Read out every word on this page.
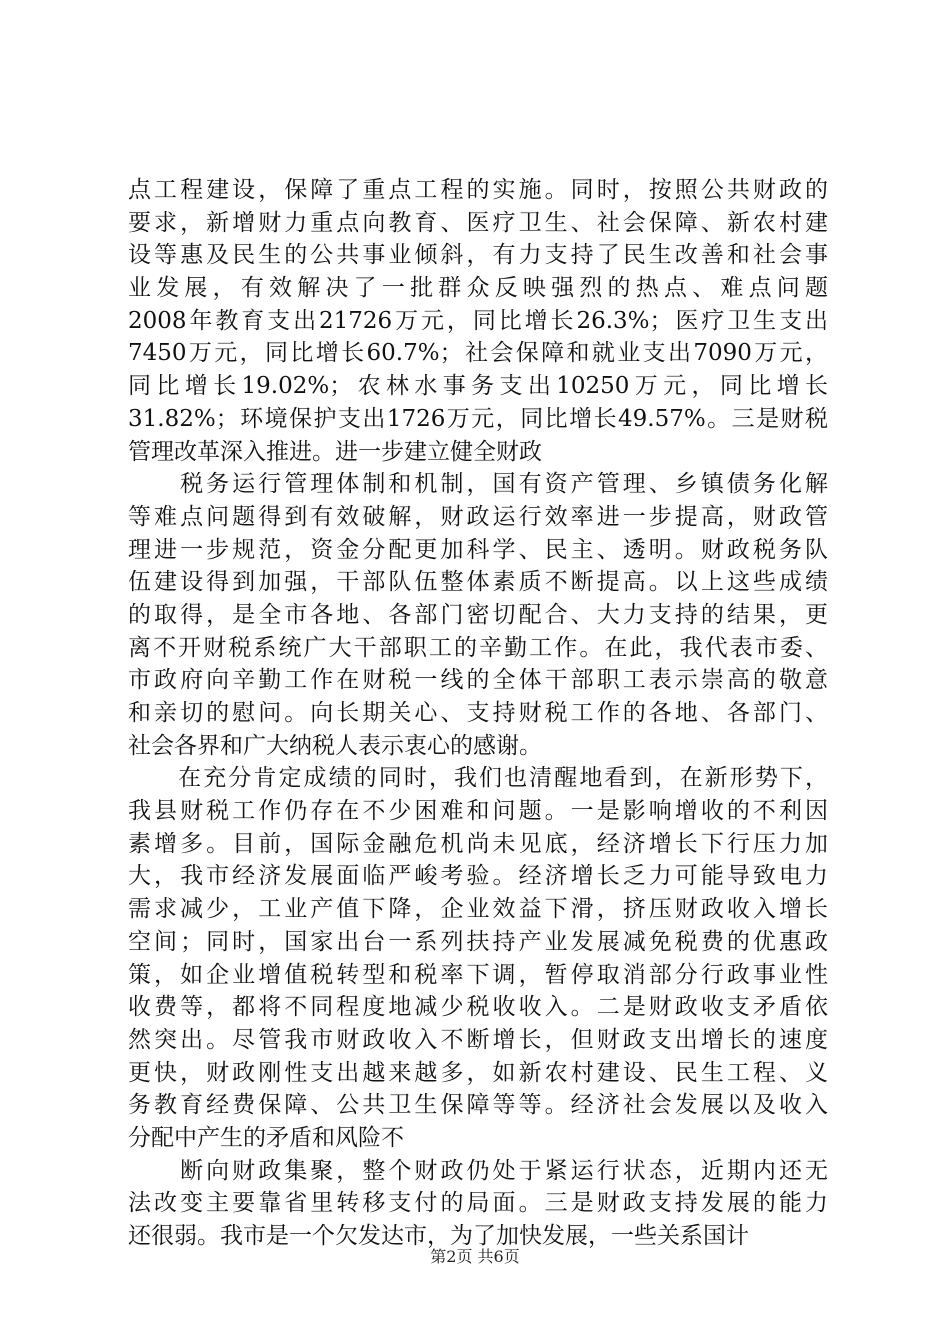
点工程建设，保障了重点工程的实施。同时，按照公共财政的
要求，新增财力重点向教育、医疗卫生、社会保障、新农村建
设等惠及民生的公共事业倾斜，有力支持了民生改善和社会事
业发展，有效解决了一批群众反映强烈的热点、难点问题
2008年教育支出21726万元，同比增长26.3%；医疗卫生支出
7450万元，同比增长60.7%；社会保障和就业支出7090万元，
同比增长19.02%；农林水事务支出10250万元，同比增长
31.82%；环境保护支出1726万元，同比增长49.57%。三是财税
管理改革深入推进。进一步建立健全财政
　　税务运行管理体制和机制，国有资产管理、乡镇债务化解
等难点问题得到有效破解，财政运行效率进一步提高，财政管
理进一步规范，资金分配更加科学、民主、透明。财政税务队
伍建设得到加强，干部队伍整体素质不断提高。以上这些成绩
的取得，是全市各地、各部门密切配合、大力支持的结果，更
离不开财税系统广大干部职工的辛勤工作。在此，我代表市委、
市政府向辛勤工作在财税一线的全体干部职工表示崇高的敬意
和亲切的慰问。向长期关心、支持财税工作的各地、各部门、
社会各界和广大纳税人表示衷心的感谢。
　　在充分肯定成绩的同时，我们也清醒地看到，在新形势下，
我县财税工作仍存在不少困难和问题。一是影响增收的不利因
素增多。目前，国际金融危机尚未见底，经济增长下行压力加
大，我市经济发展面临严峻考验。经济增长乏力可能导致电力
需求减少，工业产值下降，企业效益下滑，挤压财政收入增长
空间；同时，国家出台一系列扶持产业发展减免税费的优惠政
策，如企业增值税转型和税率下调，暂停取消部分行政事业性
收费等，都将不同程度地减少税收收入。二是财政收支矛盾依
然突出。尽管我市财政收入不断增长，但财政支出增长的速度
更快，财政刚性支出越来越多，如新农村建设、民生工程、义
务教育经费保障、公共卫生保障等等。经济社会发展以及收入
分配中产生的矛盾和风险不
　　断向财政集聚，整个财政仍处于紧运行状态，近期内还无
法改变主要靠省里转移支付的局面。三是财政支持发展的能力
还很弱。我市是一个欠发达市，为了加快发展，一些关系国计
第2页 共6页
